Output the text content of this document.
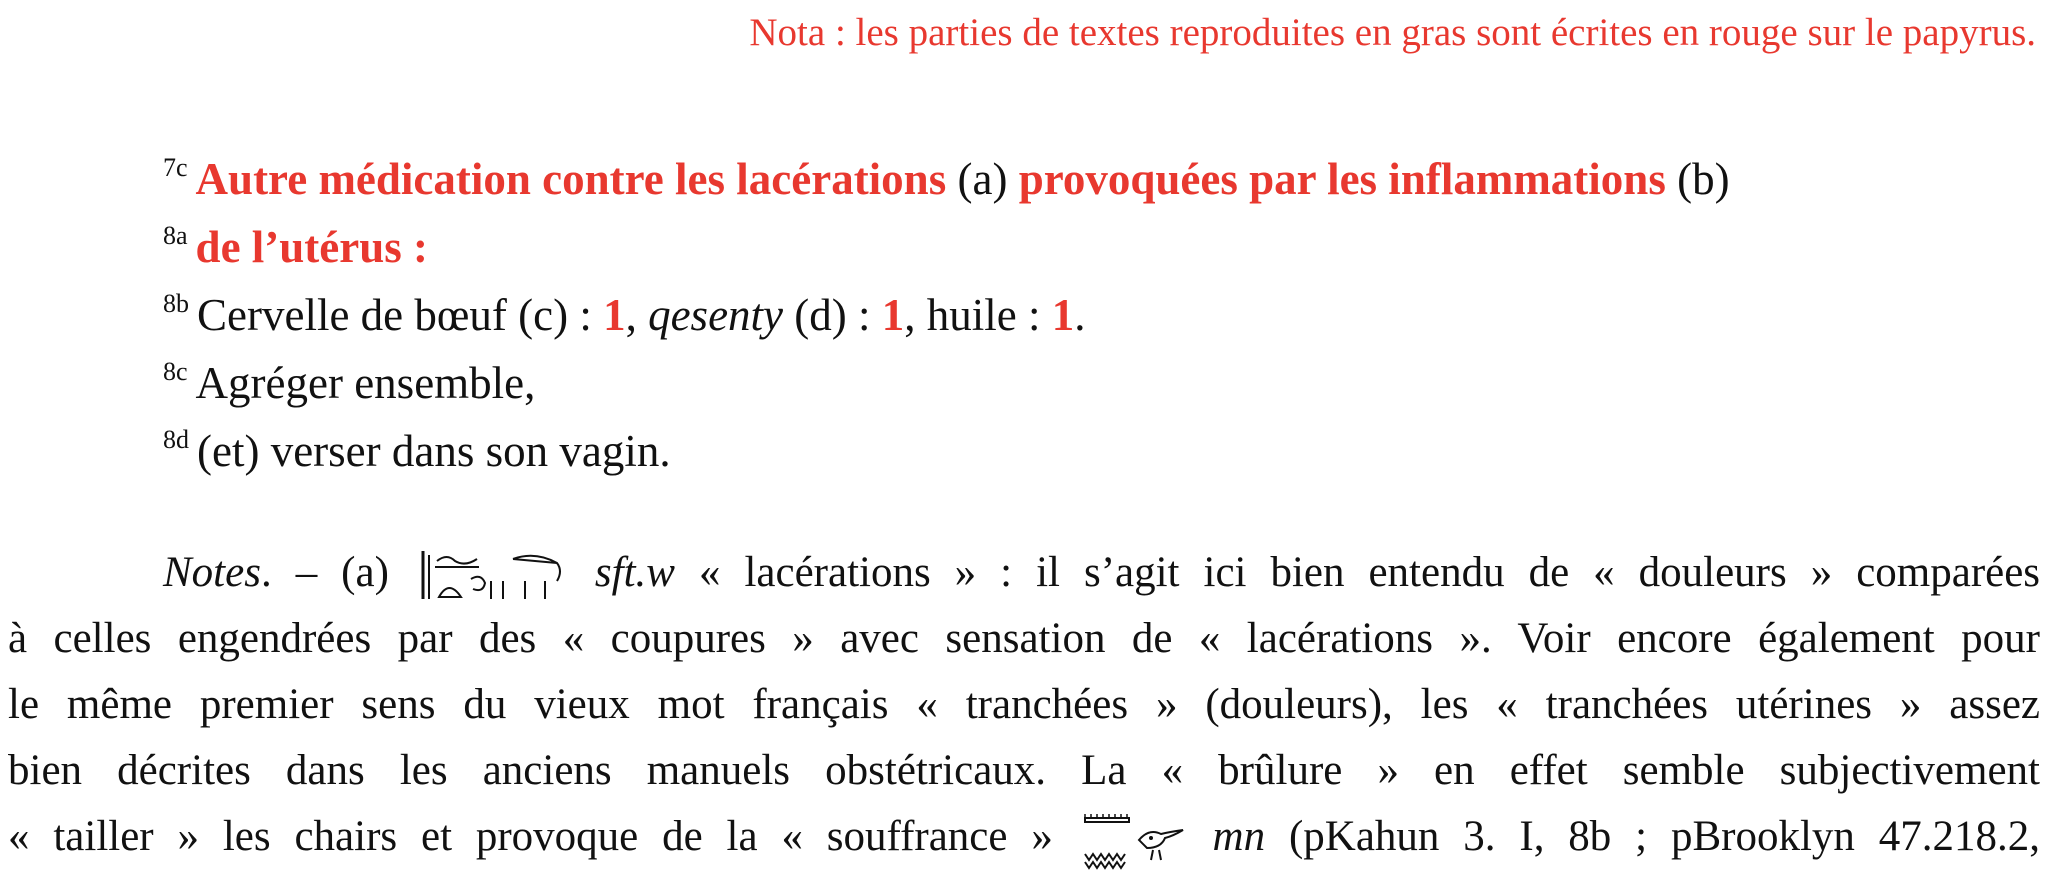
Nota : les parties de textes reproduites en gras sont écrites en rouge sur le papyrus.
$^{7c}$ Autre médication contre les lacérations (a) provoquées par les inflammations (b)
$^{8a}$ de l’utérus :
$^{8b}$ Cervelle de bœuf (c) : 1, qesenty (d) : 1, huile : 1.
$^{8c}$ Agréger ensemble,
$^{8d}$ (et) verser dans son vagin.
Notes. – (a)	sft.w « lacérations » : il s’agit ici bien entendu de « douleurs » comparées
à celles engendrées par des « coupures » avec sensation de « lacérations ». Voir encore également pour
le même premier sens du vieux mot français « tranchées » (douleurs), les « tranchées utérines » assez
bien décrites dans les anciens manuels obstétricaux. La « brûlure » en effet semble subjectivement
« tailler » les chairs et provoque de la « souffrance »	mn (pKahun 3. I, 8b ; pBrooklyn 47.218.2,
